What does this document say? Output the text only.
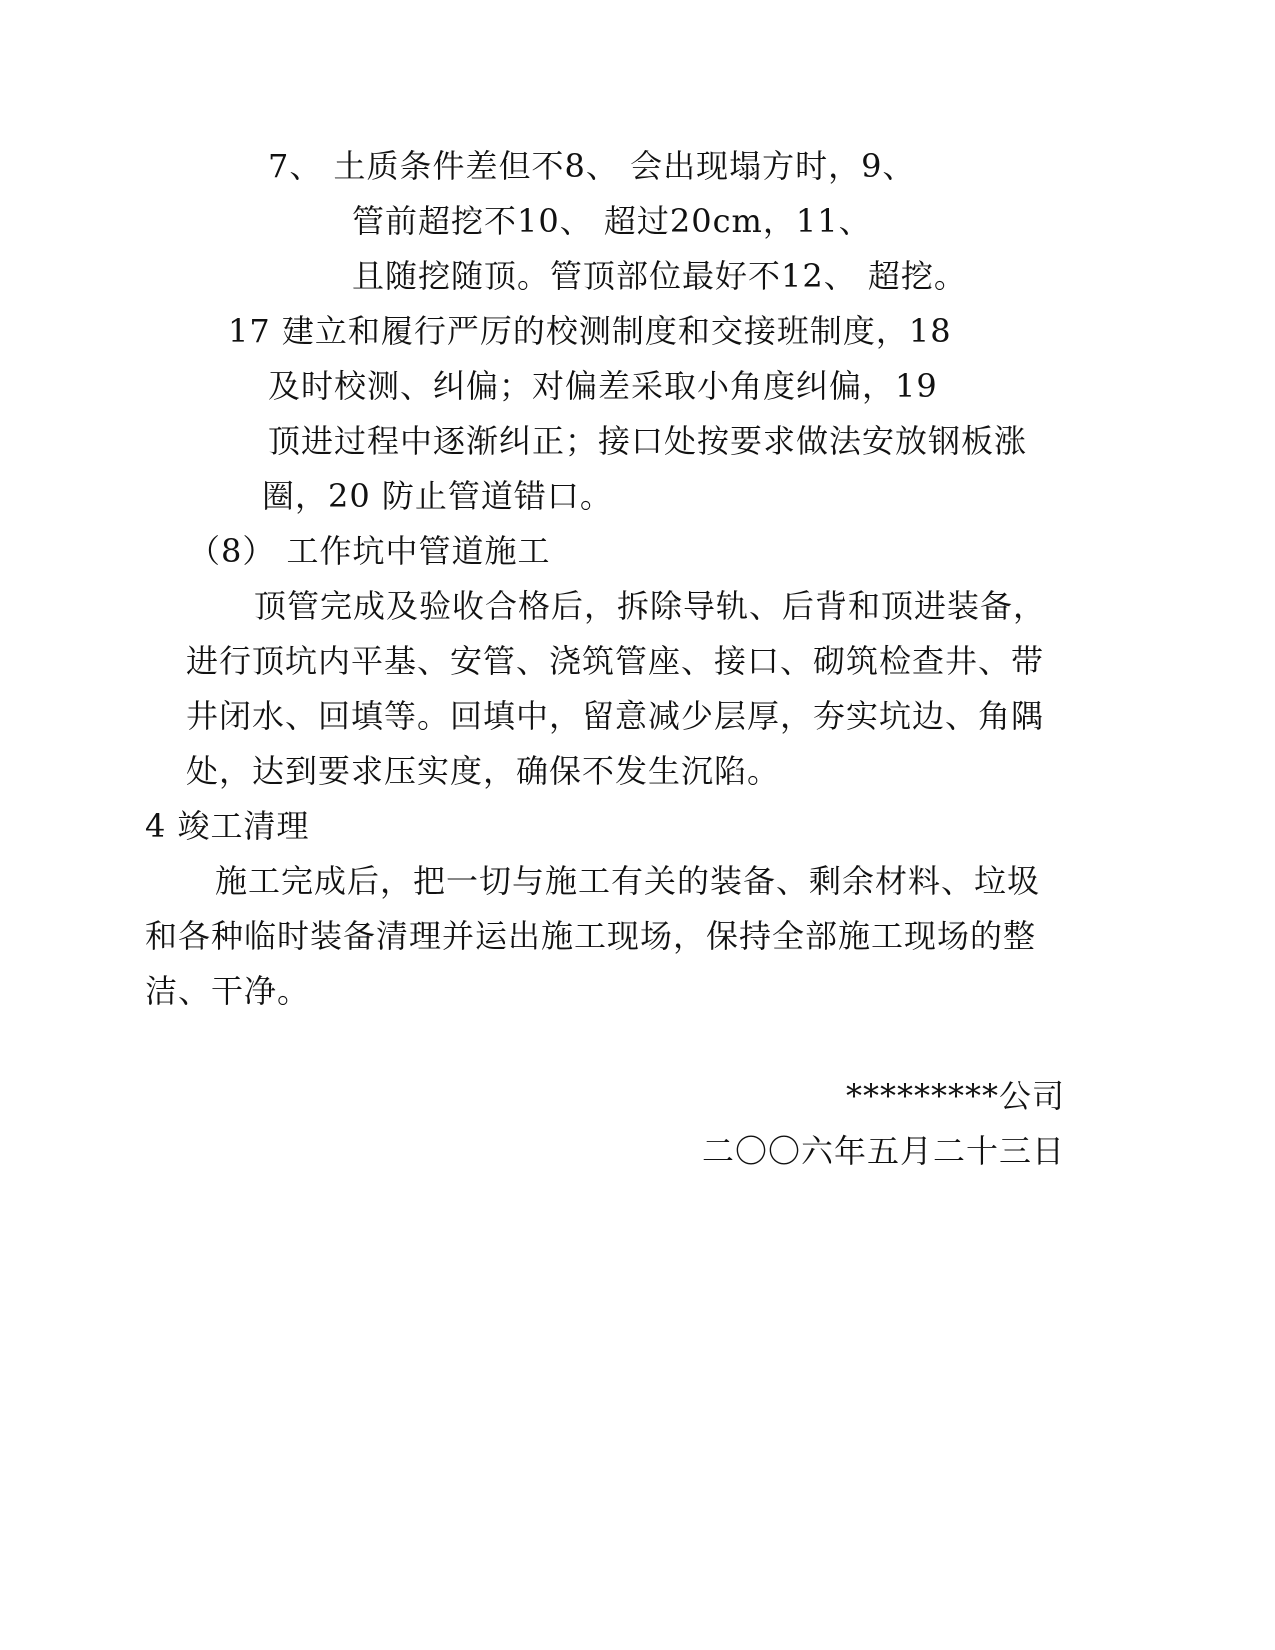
7、 土质条件差但不8、 会出现塌方时，9、
管前超挖不10、 超过20cm，11、
且随挖随顶。管顶部位最好不12、 超挖。
17 建立和履行严厉的校测制度和交接班制度，18
及时校测、纠偏；对偏差采取小角度纠偏，19
顶进过程中逐渐纠正；接口处按要求做法安放钢板涨
圈，20 防止管道错口。
（8） 工作坑中管道施工
顶管完成及验收合格后，拆除导轨、后背和顶进装备，
进行顶坑内平基、安管、浇筑管座、接口、砌筑检查井、带
井闭水、回填等。回填中，留意减少层厚，夯实坑边、角隅
处，达到要求压实度，确保不发生沉陷。
4 竣工清理
施工完成后，把一切与施工有关的装备、剩余材料、垃圾
和各种临时装备清理并运出施工现场，保持全部施工现场的整
洁、干净。
*********公司
二〇〇六年五月二十三日
